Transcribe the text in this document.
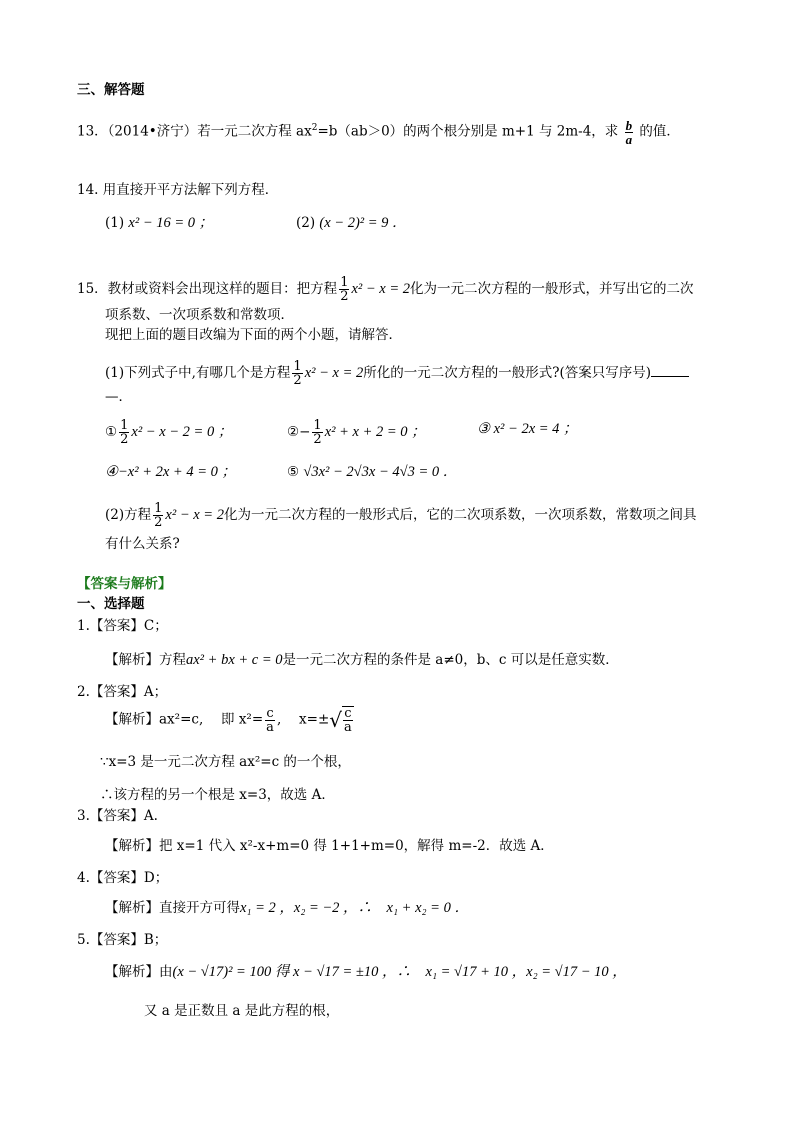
三、解答题
13．（2014•济宁）若一元二次方程 $ax^2=b(ab>0)$的两个根分别是 m+1 与 2m-4，求 $\frac{b}{a}$ 的值．
14. 用直接开平方法解下列方程．
(1) x² − 16 = 0 ；	(2) (x − 2)² = 9 ．
15．教材或资料会出现这样的题目：把方程 $\frac{1}{2} x^2 - x = 2$化为一元二次方程的一般形式，并写出它的二次
项系数、一次项系数和常数项．
现把上面的题目改编为下面的两个小题，请解答．
(1)下列式子中,有哪几个是方程 $\frac{1}{2} x^2 - x = 2$所化的一元二次方程的一般形式?(答案只写序号)
—．
① $\frac{1}{2} x^2 - x - 2 = 0$ ；	②− $\frac{1}{2} x^2 + x + 2 = 0$ ；	③ x² − 2x = 4 ；
④−x² + 2x + 4 = 0 ；	⑤ √3x² − 2√3x − 4√3 = 0 ．
(2)方程 $\frac{1}{2} x^2 - x = 2$化为一元二次方程的一般形式后，它的二次项系数，一次项系数，常数项之间具
有什么关系?
【答案与解析】
一、选择题
1.【答案】C；
【解析】方程ax² + bx + c = 0是一元二次方程的条件是 a≠0，b、c 可以是任意实数．
2.【答案】A；
【解析】ax²=c,　 即 $x^2= \frac{c}{a}$ ,　 $x=\pm√ \frac{c}{a}$
∵x=3 是一元二次方程 ax²=c 的一个根，
∴该方程的另一个根是 x=3，故选 A．
3.【答案】A.
【解析】把 x=1 代入 x²-x+m=0 得 1+1+m=0，解得 m=-2．故选 A．
4.【答案】D；
【解析】直接开方可得x₁ = 2 ，x₂ = −2 ，∴　x₁ + x₂ = 0 ．
5.【答案】B；
【解析】由(x − √17)² = 100 得 x − √17 = ±10 ，∴　x₁ = √17 + 10 ，x₂ = √17 − 10 ，
又 a 是正数且 a 是此方程的根，
